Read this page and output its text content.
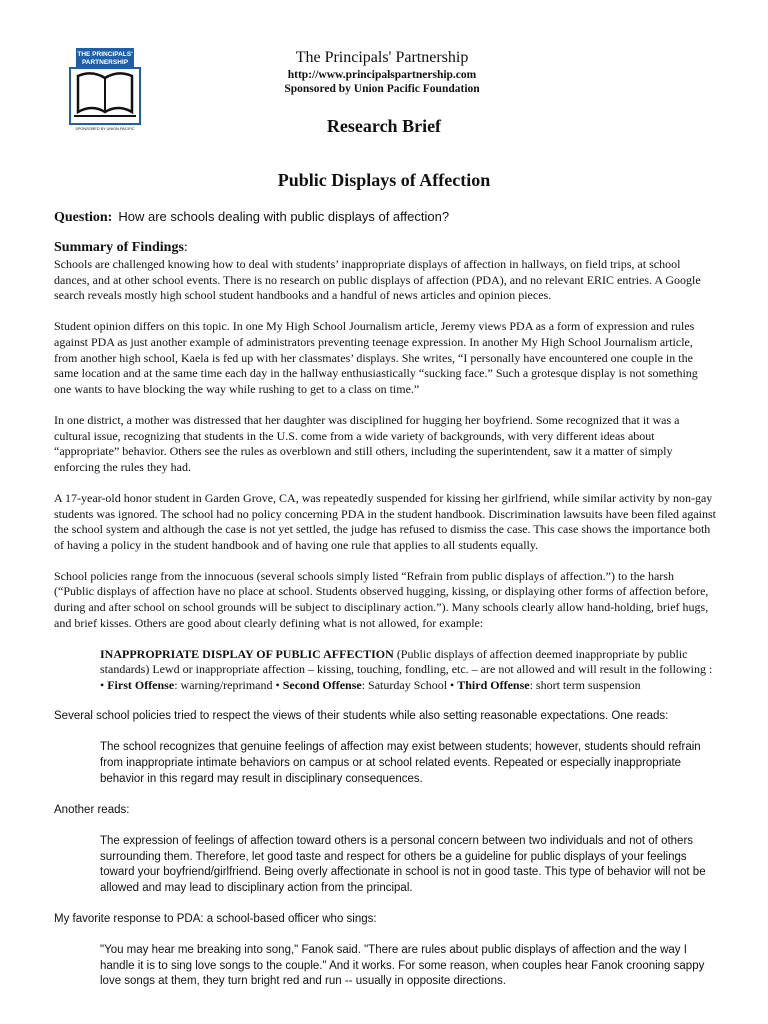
THE PRINCIPALS'
PARTNERSHIP
SPONSORED BY UNION PACIFIC
The Principals' Partnership
http://www.principalspartnership.com
Sponsored by Union Pacific Foundation
Research Brief
Public Displays of Affection
Question: How are schools dealing with public displays of affection?
Summary of Findings:

Schools are challenged knowing how to deal with students’ inappropriate displays of affection in hallways, on field trips, at school dances, and at other school events. There is no research on public displays of affection (PDA), and no relevant ERIC entries. A Google search reveals mostly high school student handbooks and a handful of news articles and opinion pieces.

Student opinion differs on this topic. In one My High School Journalism article, Jeremy views PDA as a form of expression and rules against PDA as just another example of administrators preventing teenage expression. In another My High School Journalism article, from another high school, Kaela is fed up with her classmates’ displays. She writes, “I personally have encountered one couple in the same location and at the same time each day in the hallway enthusiastically “sucking face.” Such a grotesque display is not something one wants to have blocking the way while rushing to get to a class on time.”

In one district, a mother was distressed that her daughter was disciplined for hugging her boyfriend. Some recognized that it was a cultural issue, recognizing that students in the U.S. come from a wide variety of backgrounds, with very different ideas about “appropriate” behavior. Others see the rules as overblown and still others, including the superintendent, saw it a matter of simply enforcing the rules they had.

A 17-year-old honor student in Garden Grove, CA, was repeatedly suspended for kissing her girlfriend, while similar activity by non-gay students was ignored. The school had no policy concerning PDA in the student handbook. Discrimination lawsuits have been filed against the school system and although the case is not yet settled, the judge has refused to dismiss the case. This case shows the importance both of having a policy in the student handbook and of having one rule that applies to all students equally.

School policies range from the innocuous (several schools simply listed “Refrain from public displays of affection.”) to the harsh (“Public displays of affection have no place at school. Students observed hugging, kissing, or displaying other forms of affection before, during and after school on school grounds will be subject to disciplinary action.”). Many schools clearly allow hand-holding, brief hugs, and brief kisses. Others are good about clearly defining what is not allowed, for example:

INAPPROPRIATE DISPLAY OF PUBLIC AFFECTION (Public displays of affection deemed inappropriate by public standards) Lewd or inappropriate affection – kissing, touching, fondling, etc. – are not allowed and will result in the following : • First Offense: warning/reprimand • Second Offense: Saturday School • Third Offense: short term suspension

Several school policies tried to respect the views of their students while also setting reasonable expectations. One reads:

The school recognizes that genuine feelings of affection may exist between students; however, students should refrain from inappropriate intimate behaviors on campus or at school related events. Repeated or especially inappropriate behavior in this regard may result in disciplinary consequences.

Another reads:

The expression of feelings of affection toward others is a personal concern between two individuals and not of others surrounding them. Therefore, let good taste and respect for others be a guideline for public displays of your feelings toward your boyfriend/girlfriend. Being overly affectionate in school is not in good taste. This type of behavior will not be allowed and may lead to disciplinary action from the principal.

My favorite response to PDA: a school-based officer who sings:

"You may hear me breaking into song," Fanok said. "There are rules about public displays of affection and the way I handle it is to sing love songs to the couple." And it works. For some reason, when couples hear Fanok crooning sappy love songs at them, they turn bright red and run -- usually in opposite directions.
